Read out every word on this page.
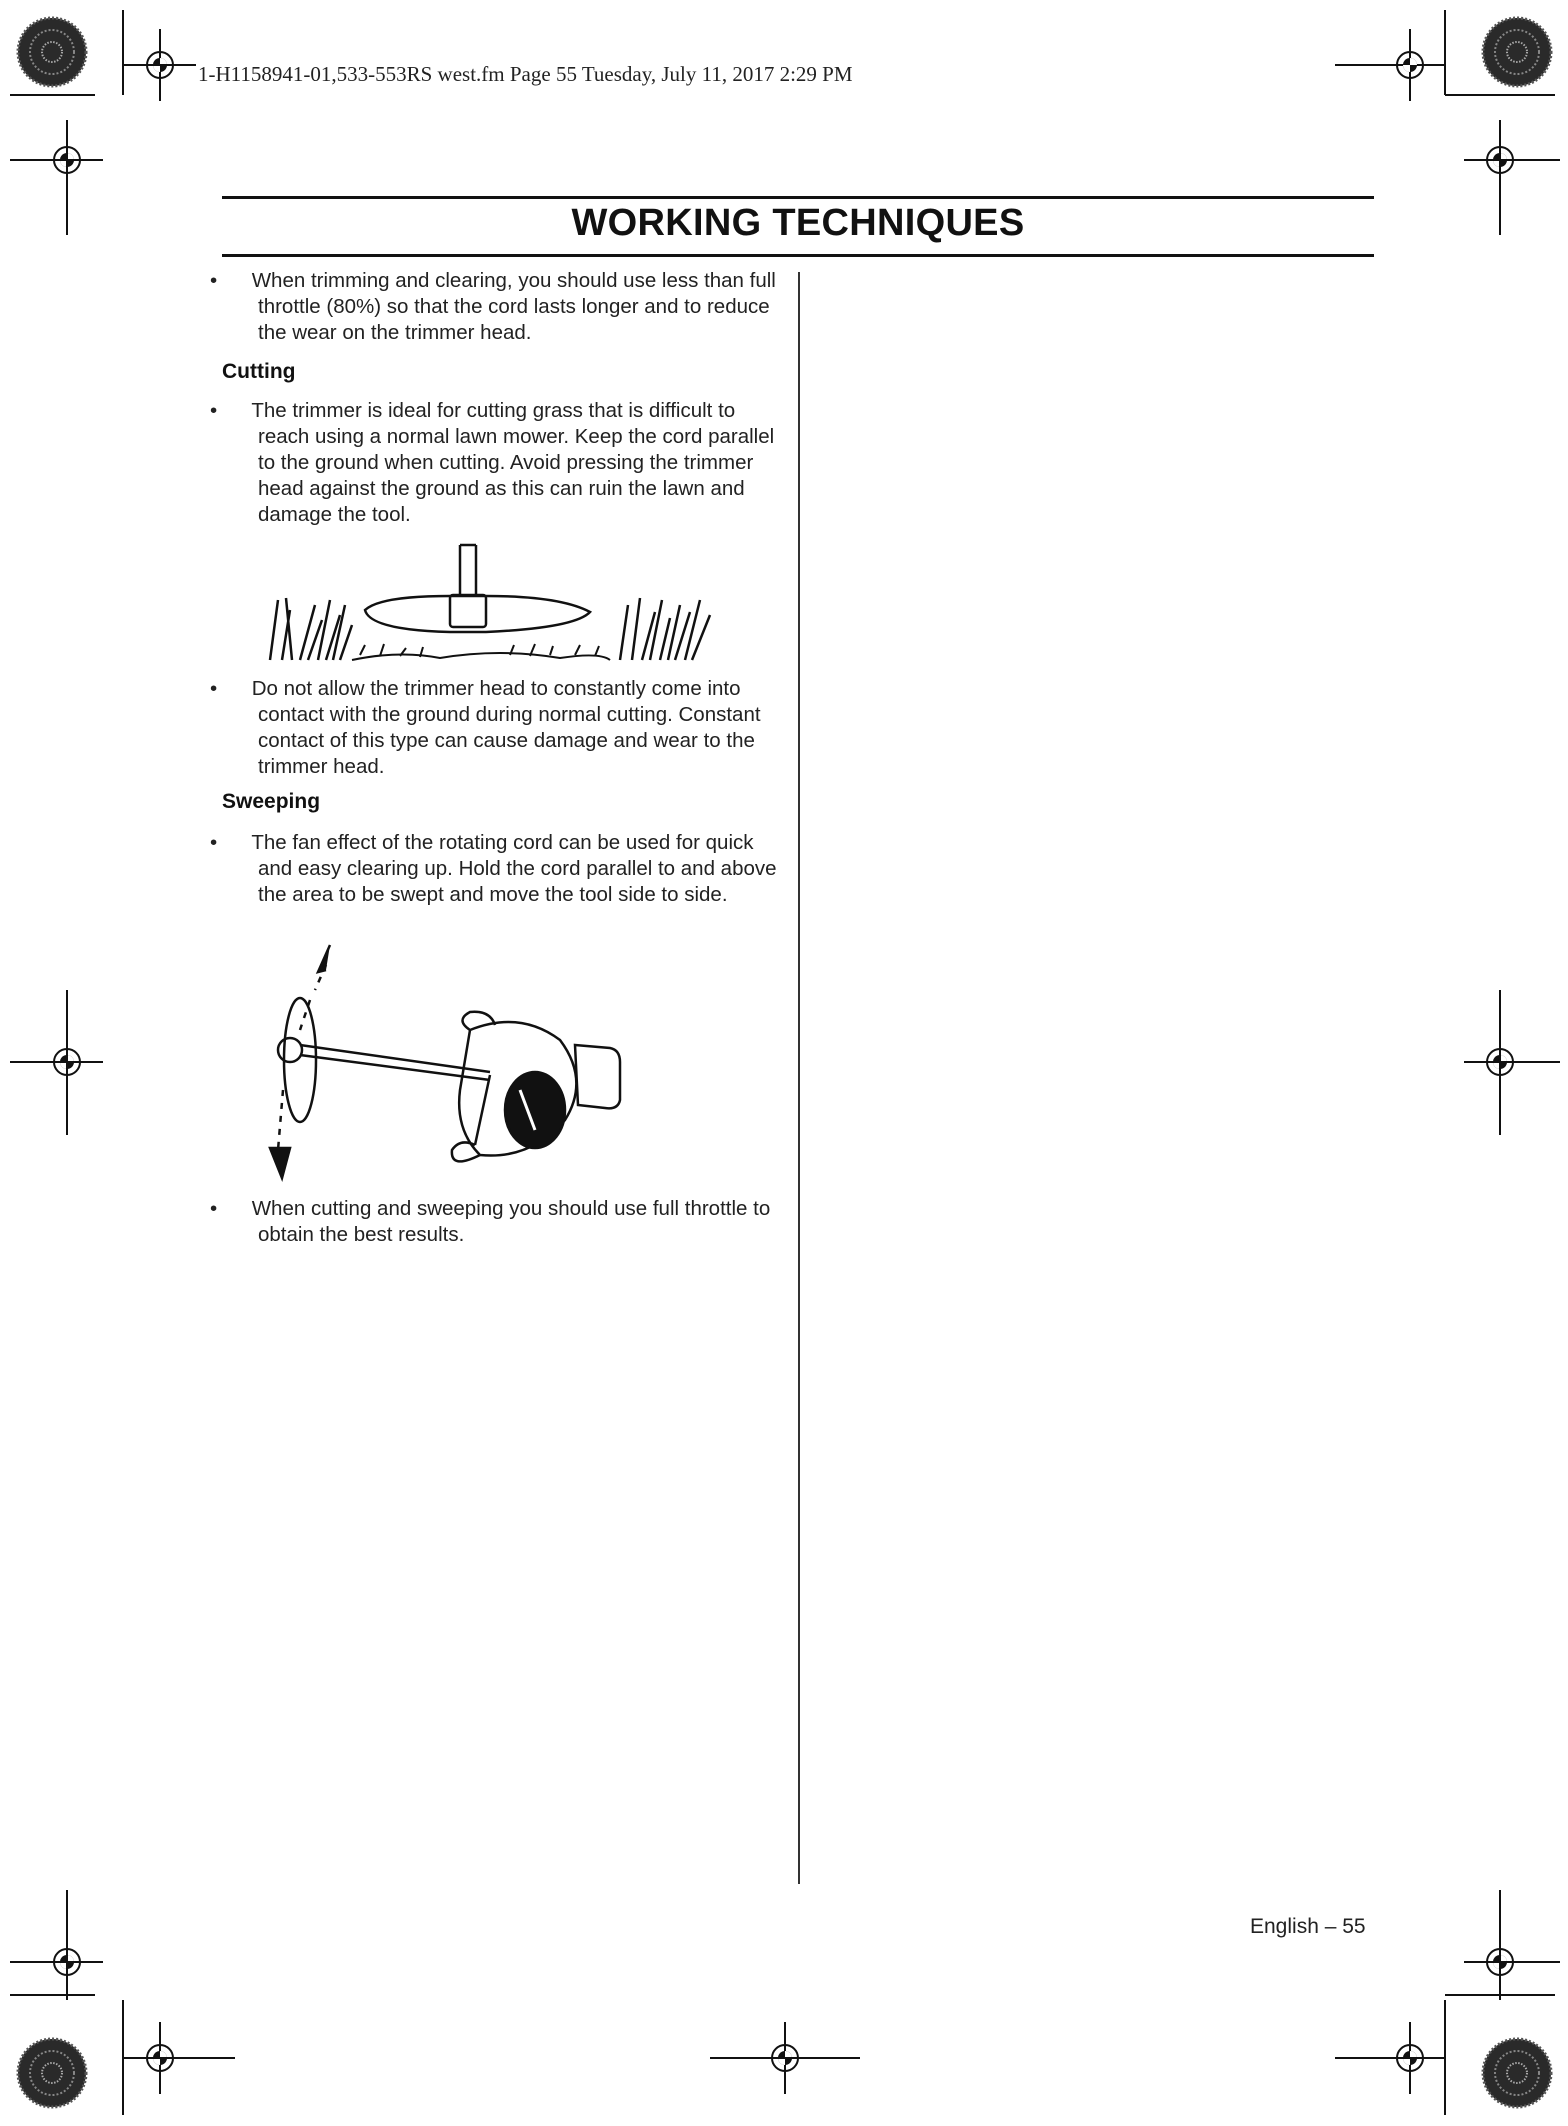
1-H1158941-01,533-553RS west.fm Page 55 Tuesday, July 11, 2017 2:29 PM
WORKING TECHNIQUES
• When trimming and clearing, you should use less than full throttle (80%) so that the cord lasts longer and to reduce the wear on the trimmer head.
Cutting
• The trimmer is ideal for cutting grass that is difficult to reach using a normal lawn mower. Keep the cord parallel to the ground when cutting. Avoid pressing the trimmer head against the ground as this can ruin the lawn and damage the tool.
• Do not allow the trimmer head to constantly come into contact with the ground during normal cutting. Constant contact of this type can cause damage and wear to the trimmer head.
Sweeping
• The fan effect of the rotating cord can be used for quick and easy clearing up. Hold the cord parallel to and above the area to be swept and move the tool side to side.
• When cutting and sweeping you should use full throttle to obtain the best results.
English – 55
